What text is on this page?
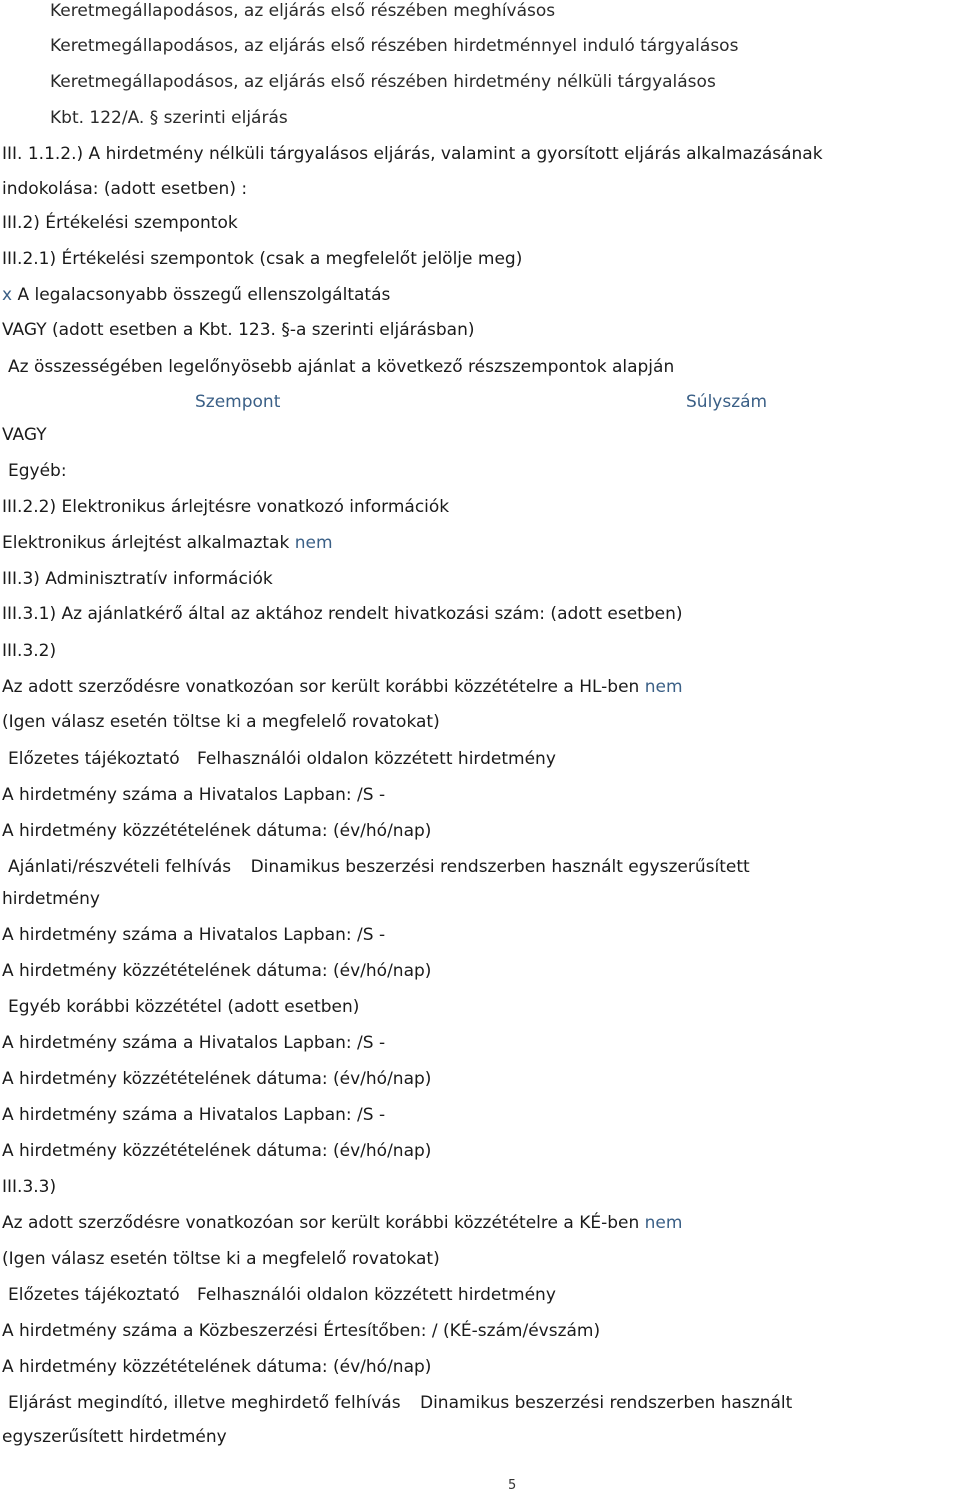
Keretmegállapodásos, az eljárás első részében meghívásos
Keretmegállapodásos, az eljárás első részében hirdetménnyel induló tárgyalásos
Keretmegállapodásos, az eljárás első részében hirdetmény nélküli tárgyalásos
Kbt. 122/A. § szerinti eljárás
III. 1.1.2.) A hirdetmény nélküli tárgyalásos eljárás, valamint a gyorsított eljárás alkalmazásának
indokolása: (adott esetben) :
III.2) Értékelési szempontok
III.2.1) Értékelési szempontok (csak a megfelelőt jelölje meg)
x A legalacsonyabb összegű ellenszolgáltatás
VAGY (adott esetben a Kbt. 123. §-a szerinti eljárásban)
Az összességében legelőnyösebb ajánlat a következő részszempontok alapján
Szempont	Súlyszám
VAGY
Egyéb:
III.2.2) Elektronikus árlejtésre vonatkozó információk
Elektronikus árlejtést alkalmaztak nem
III.3) Adminisztratív információk
III.3.1) Az ajánlatkérő által az aktához rendelt hivatkozási szám: (adott esetben)
III.3.2)
Az adott szerződésre vonatkozóan sor került korábbi közzétételre a HL-ben nem
(Igen válasz esetén töltse ki a megfelelő rovatokat)
Előzetes tájékoztató Felhasználói oldalon közzétett hirdetmény
A hirdetmény száma a Hivatalos Lapban: /S -
A hirdetmény közzétételének dátuma: (év/hó/nap)
Ajánlati/részvételi felhívás Dinamikus beszerzési rendszerben használt egyszerűsített
hirdetmény
A hirdetmény száma a Hivatalos Lapban: /S -
A hirdetmény közzétételének dátuma: (év/hó/nap)
Egyéb korábbi közzététel (adott esetben)
A hirdetmény száma a Hivatalos Lapban: /S -
A hirdetmény közzétételének dátuma: (év/hó/nap)
A hirdetmény száma a Hivatalos Lapban: /S -
A hirdetmény közzétételének dátuma: (év/hó/nap)
III.3.3)
Az adott szerződésre vonatkozóan sor került korábbi közzétételre a KÉ-ben nem
(Igen válasz esetén töltse ki a megfelelő rovatokat)
Előzetes tájékoztató Felhasználói oldalon közzétett hirdetmény
A hirdetmény száma a Közbeszerzési Értesítőben: / (KÉ-szám/évszám)
A hirdetmény közzétételének dátuma: (év/hó/nap)
Eljárást megindító, illetve meghirdető felhívás Dinamikus beszerzési rendszerben használt
egyszerűsített hirdetmény
5
